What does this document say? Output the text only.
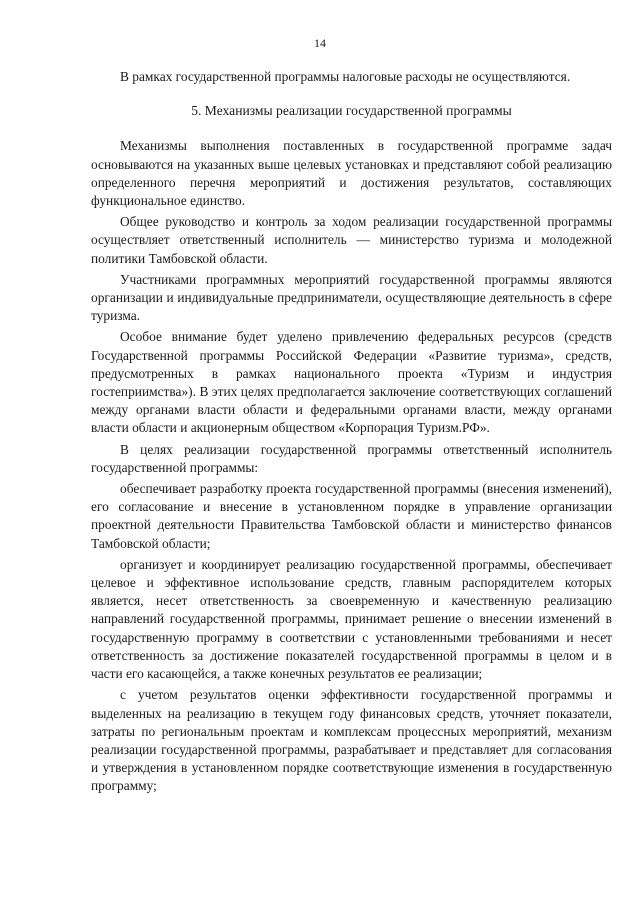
14

В рамках государственной программы налоговые расходы не осуществляются.

5. Механизмы реализации государственной программы

Механизмы выполнения поставленных в государственной программе задач основываются на указанных выше целевых установках и представляют собой реализацию определенного перечня мероприятий и достижения результатов, составляющих функциональное единство.

Общее руководство и контроль за ходом реализации государственной программы осуществляет ответственный исполнитель — министерство туризма и молодежной политики Тамбовской области.

Участниками программных мероприятий государственной программы являются организации и индивидуальные предприниматели, осуществляющие деятельность в сфере туризма.

Особое внимание будет уделено привлечению федеральных ресурсов (средств Государственной программы Российской Федерации «Развитие туризма», средств, предусмотренных в рамках национального проекта «Туризм и индустрия гостеприимства»). В этих целях предполагается заключение соответствующих соглашений между органами власти области и федеральными органами власти, между органами власти области и акционерным обществом «Корпорация Туризм.РФ».

В целях реализации государственной программы ответственный исполнитель государственной программы:

обеспечивает разработку проекта государственной программы (внесения изменений), его согласование и внесение в установленном порядке в управление организации проектной деятельности Правительства Тамбовской области и министерство финансов Тамбовской области;

организует и координирует реализацию государственной программы, обеспечивает целевое и эффективное использование средств, главным распорядителем которых является, несет ответственность за своевременную и качественную реализацию направлений государственной программы, принимает решение о внесении изменений в государственную программу в соответствии с установленными требованиями и несет ответственность за достижение показателей государственной программы в целом и в части его касающейся, а также конечных результатов ее реализации;

с учетом результатов оценки эффективности государственной программы и выделенных на реализацию в текущем году финансовых средств, уточняет показатели, затраты по региональным проектам и комплексам процессных мероприятий, механизм реализации государственной программы, разрабатывает и представляет для согласования и утверждения в установленном порядке соответствующие изменения в государственную программу;
